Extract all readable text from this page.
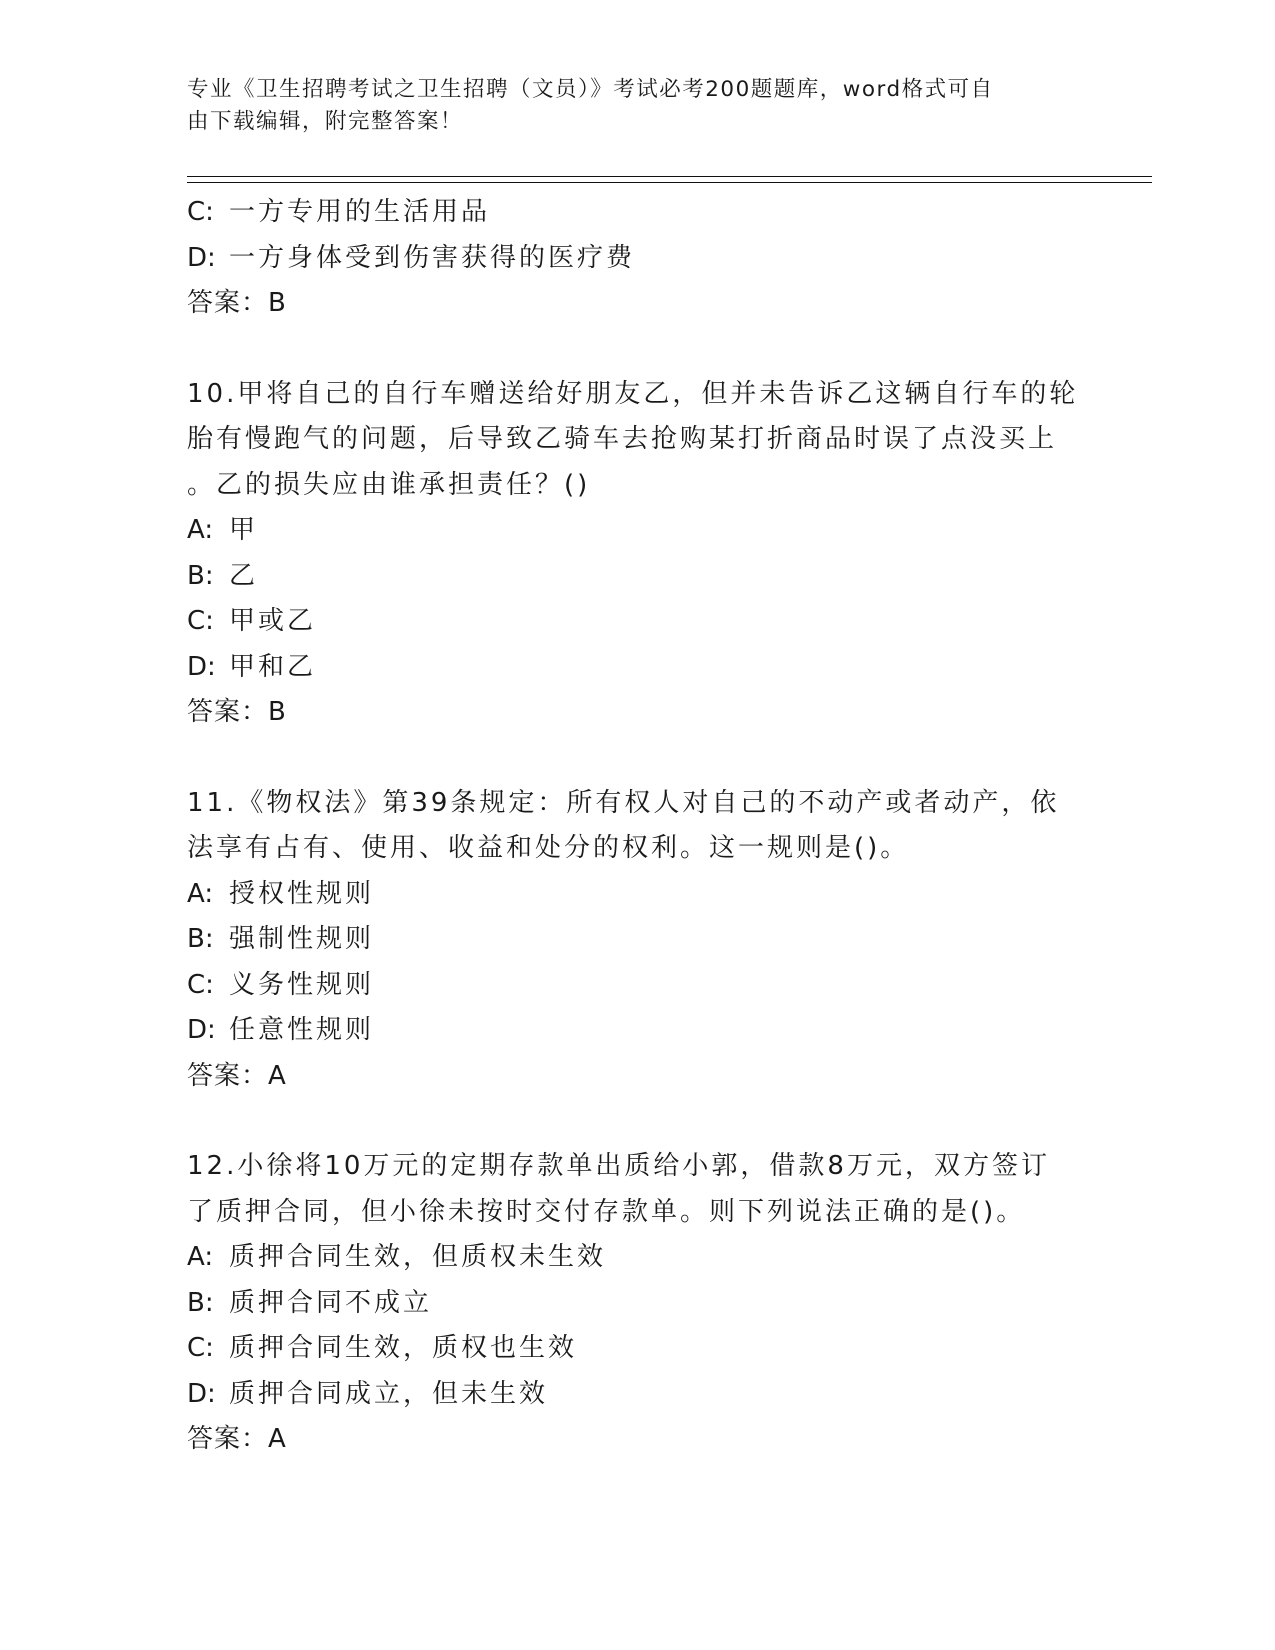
专业《卫生招聘考试之卫生招聘（文员）》考试必考200题题库，word格式可自
由下载编辑，附完整答案！
C: 一方专用的生活用品
D: 一方身体受到伤害获得的医疗费
答案：B
10.甲将自己的自行车赠送给好朋友乙，但并未告诉乙这辆自行车的轮
胎有慢跑气的问题，后导致乙骑车去抢购某打折商品时误了点没买上
。乙的损失应由谁承担责任？()
A: 甲
B: 乙
C: 甲或乙
D: 甲和乙
答案：B
11.《物权法》第39条规定：所有权人对自己的不动产或者动产，依
法享有占有、使用、收益和处分的权利。这一规则是()。
A: 授权性规则
B: 强制性规则
C: 义务性规则
D: 任意性规则
答案：A
12.小徐将10万元的定期存款单出质给小郭，借款8万元，双方签订
了质押合同，但小徐未按时交付存款单。则下列说法正确的是()。
A: 质押合同生效，但质权未生效
B: 质押合同不成立
C: 质押合同生效，质权也生效
D: 质押合同成立，但未生效
答案：A
